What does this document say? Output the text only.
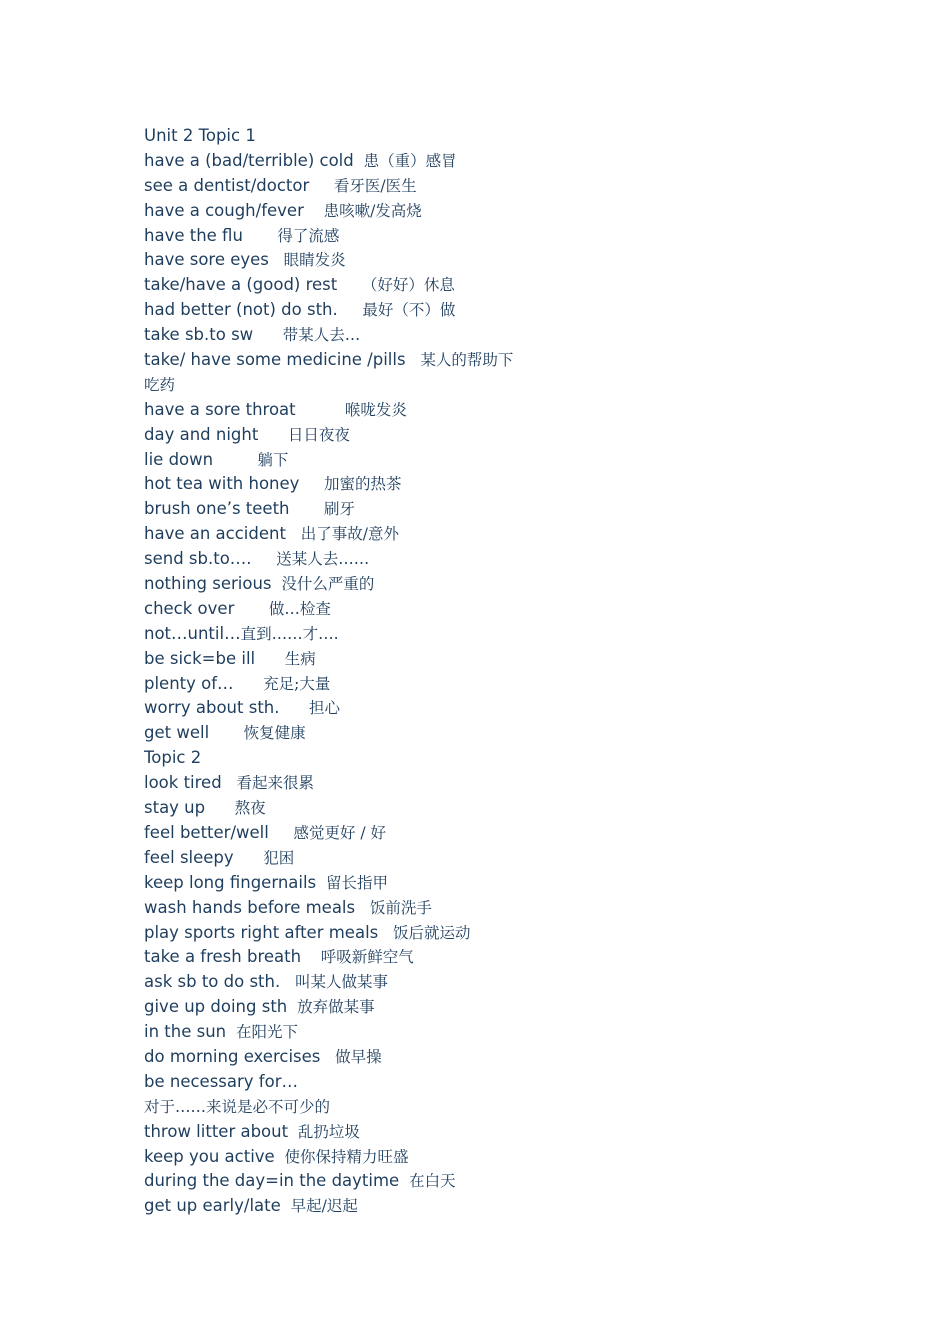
Unit 2 Topic 1
have a (bad/terrible) cold  患（重）感冒
see a dentist/doctor     看牙医/医生
have a cough/fever    患咳嗽/发高烧
have the flu       得了流感
have sore eyes   眼睛发炎
take/have a (good) rest     （好好）休息
had better (not) do sth.     最好（不）做
take sb.to sw      带某人去…
take/ have some medicine /pills   某人的帮助下
吃药
have a sore throat          喉咙发炎
day and night      日日夜夜
lie down         躺下
hot tea with honey     加蜜的热茶
brush one’s teeth       刷牙
have an accident   出了事故/意外
send sb.to….     送某人去……
nothing serious  没什么严重的
check over       做…检查
not…until…直到……才….
be sick=be ill      生病
plenty of…      充足;大量
worry about sth.      担心
get well       恢复健康
Topic 2
look tired   看起来很累
stay up      熬夜
feel better/well     感觉更好 / 好
feel sleepy      犯困
keep long fingernails  留长指甲
wash hands before meals   饭前洗手
play sports right after meals   饭后就运动
take a fresh breath    呼吸新鲜空气
ask sb to do sth.   叫某人做某事
give up doing sth  放弃做某事
in the sun  在阳光下
do morning exercises   做早操
be necessary for…
对于……来说是必不可少的
throw litter about  乱扔垃圾
keep you active  使你保持精力旺盛
during the day=in the daytime  在白天
get up early/late  早起/迟起
